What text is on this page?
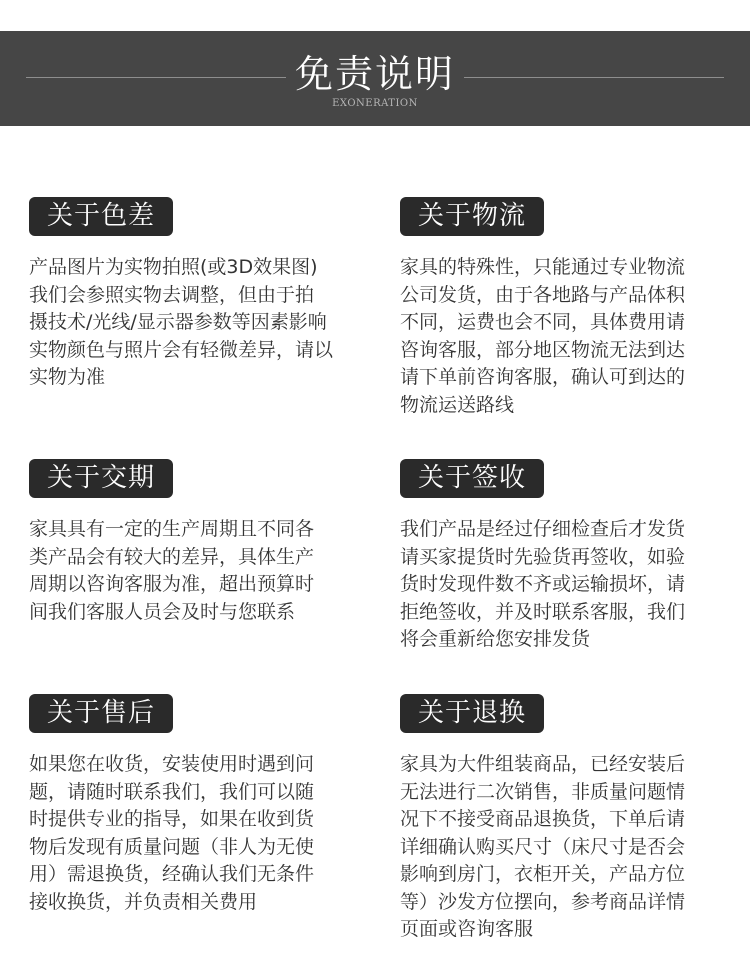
免责说明
EXONERATION
关于色差
产品图片为实物拍照(或3D效果图)
我们会参照实物去调整，但由于拍
摄技术/光线/显示器参数等因素影响
实物颜色与照片会有轻微差异，请以
实物为准
关于物流
家具的特殊性，只能通过专业物流
公司发货，由于各地路与产品体积
不同，运费也会不同，具体费用请
咨询客服，部分地区物流无法到达
请下单前咨询客服，确认可到达的
物流运送路线
关于交期
家具具有一定的生产周期且不同各
类产品会有较大的差异，具体生产
周期以咨询客服为准，超出预算时
间我们客服人员会及时与您联系
关于签收
我们产品是经过仔细检查后才发货
请买家提货时先验货再签收，如验
货时发现件数不齐或运输损坏，请
拒绝签收，并及时联系客服，我们
将会重新给您安排发货
关于售后
如果您在收货，安装使用时遇到问
题，请随时联系我们，我们可以随
时提供专业的指导，如果在收到货
物后发现有质量问题（非人为无使
用）需退换货，经确认我们无条件
接收换货，并负责相关费用
关于退换
家具为大件组装商品，已经安装后
无法进行二次销售，非质量问题情
况下不接受商品退换货，下单后请
详细确认购买尺寸（床尺寸是否会
影响到房门，衣柜开关，产品方位
等）沙发方位摆向，参考商品详情
页面或咨询客服
